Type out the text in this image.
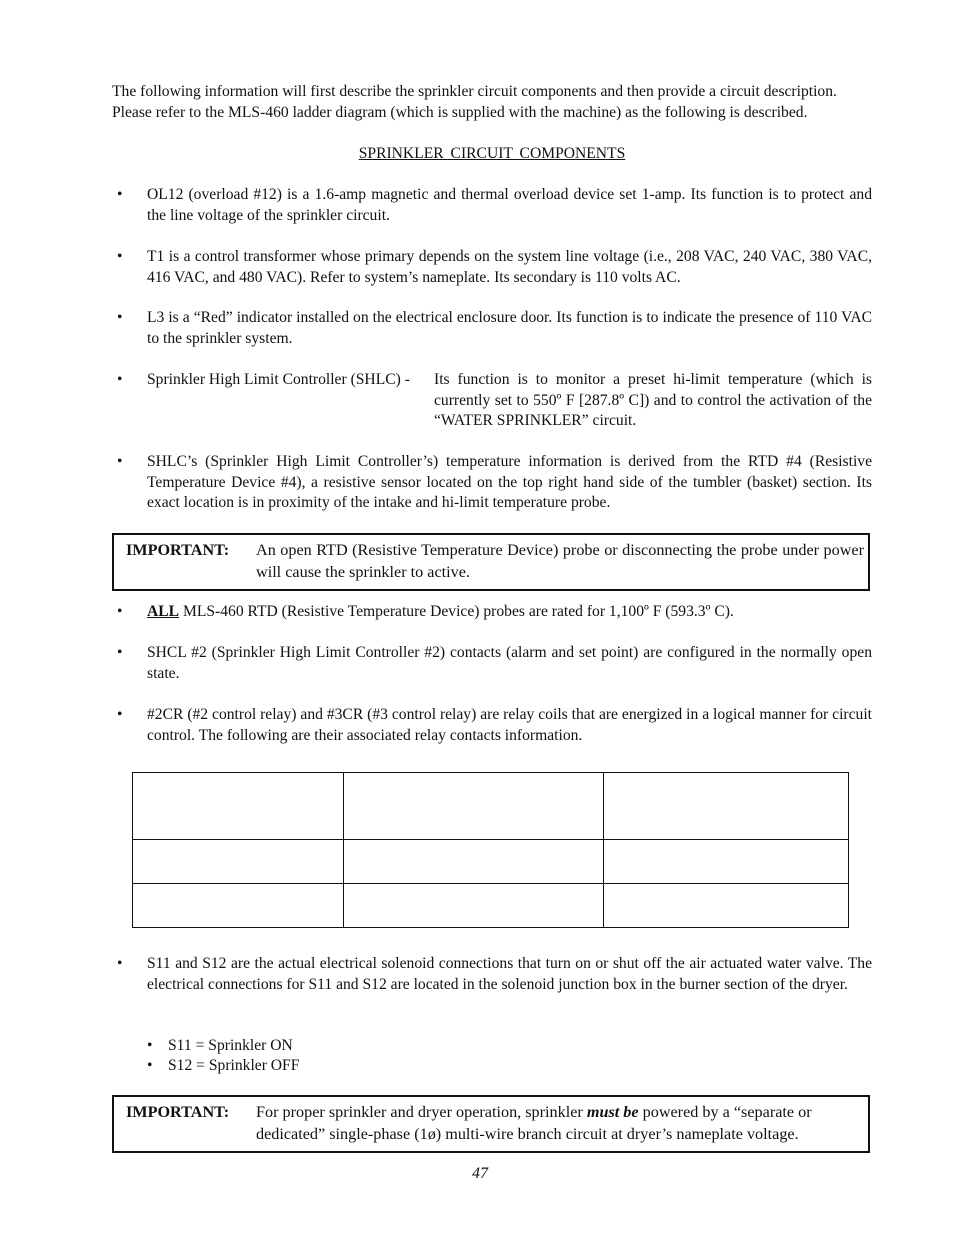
The following information will first describe the sprinkler circuit components and then provide a circuit description.

Please refer to the MLS-460 ladder diagram (which is supplied with the machine) as the following is described.

SPRINKLER CIRCUIT COMPONENTS
•	OL12 (overload #12) is a 1.6-amp magnetic and thermal overload device set 1-amp. Its function is to protect and the line voltage of the sprinkler circuit.
•	T1 is a control transformer whose primary depends on the system line voltage (i.e., 208 VAC, 240 VAC, 380 VAC, 416 VAC, and 480 VAC). Refer to system’s nameplate. Its secondary is 110 volts AC.
•	L3 is a “Red” indicator installed on the electrical enclosure door. Its function is to indicate the presence of 110 VAC to the sprinkler system.
•	Sprinkler High Limit Controller (SHLC) - Its function is to monitor a preset hi-limit temperature (which is currently set to 550º F [287.8º C]) and to control the activation of the “WATER SPRINKLER” circuit.
•	SHLC’s (Sprinkler High Limit Controller’s) temperature information is derived from the RTD #4 (Resistive Temperature Device #4), a resistive sensor located on the top right hand side of the tumbler (basket) section. Its exact location is in proximity of the intake and hi-limit temperature probe.
IMPORTANT: An open RTD (Resistive Temperature Device) probe or disconnecting the probe under power will cause the sprinkler to active.
•	ALL MLS-460 RTD (Resistive Temperature Device) probes are rated for 1,100º F (593.3º C).
•	SHCL #2 (Sprinkler High Limit Controller #2) contacts (alarm and set point) are configured in the normally open state.
•	#2CR (#2 control relay) and #3CR (#3 control relay) are relay coils that are energized in a logical manner for circuit control. The following are their associated relay contacts information.

•	S11 and S12 are the actual electrical solenoid connections that turn on or shut off the air actuated water valve. The electrical connections for S11 and S12 are located in the solenoid junction box in the burner section of the dryer.
• S11 = Sprinkler ON
• S12 = Sprinkler OFF
IMPORTANT: For proper sprinkler and dryer operation, sprinkler must be powered by a “separate or dedicated” single-phase (1ø) multi-wire branch circuit at dryer’s nameplate voltage.
47
